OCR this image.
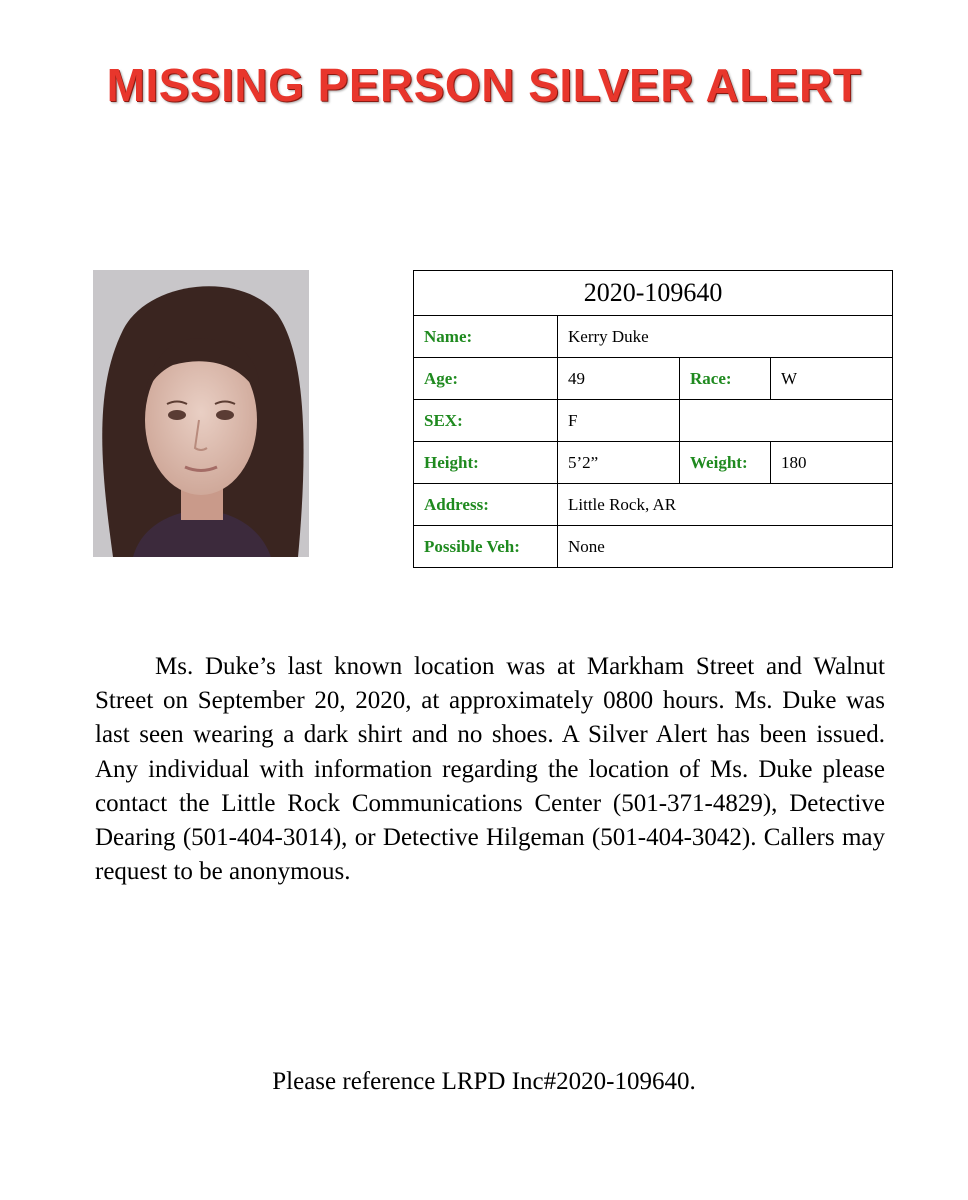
MISSING PERSON SILVER ALERT
2020-109640			
Name:	Kerry Duke		
Age:	49	Race:	W
SEX:	F		
Height:	5’2”	Weight:	180
Address:	Little Rock, AR		
Possible Veh:	None		

Ms. Duke’s last known location was at Markham Street and Walnut Street on September 20, 2020, at approximately 0800 hours. Ms. Duke was last seen wearing a dark shirt and no shoes. A Silver Alert has been issued. Any individual with information regarding the location of Ms. Duke please contact the Little Rock Communications Center (501-371-4829), Detective Dearing (501-404-3014), or Detective Hilgeman (501-404-3042). Callers may request to be anonymous.

Please reference LRPD Inc#2020-109640.
